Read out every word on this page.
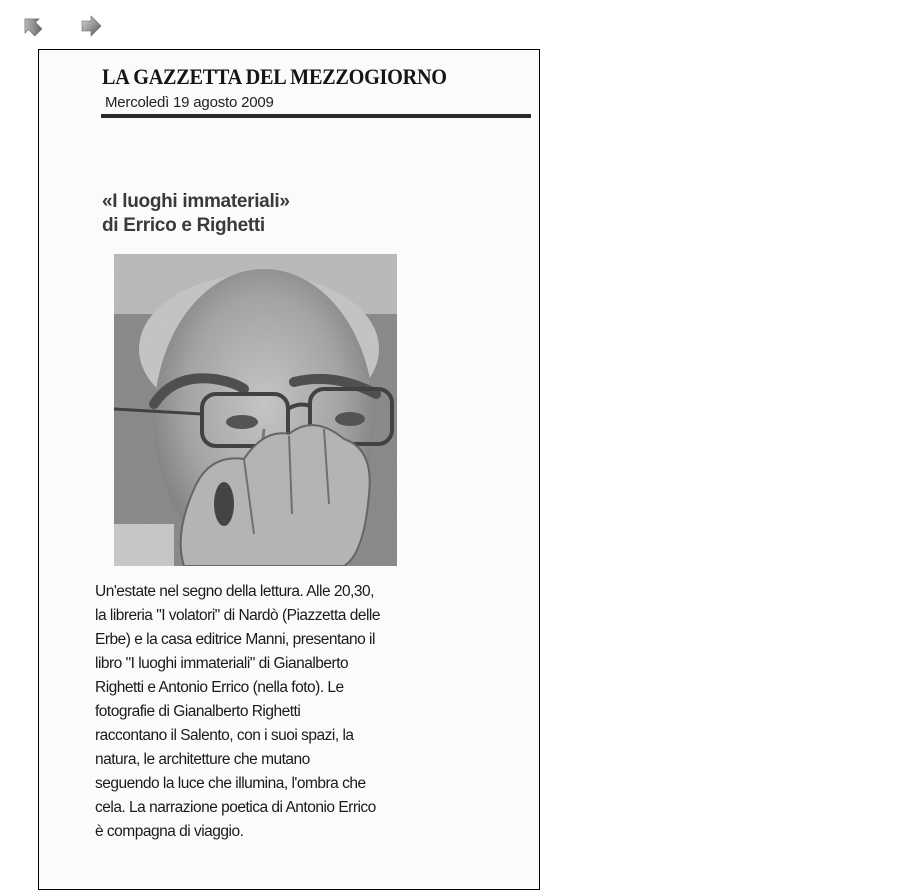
LA GAZZETTA DEL MEZZOGIORNO
Mercoledì 19 agosto 2009
«I luoghi immateriali»
di Errico e Righetti

Un'estate nel segno della lettura. Alle 20,30,

la libreria "I volatori" di Nardò (Piazzetta delle

Erbe) e la casa editrice Manni, presentano il

libro "I luoghi immateriali" di Gianalberto

Righetti e Antonio Errico (nella foto). Le

fotografie di Gianalberto Righetti

raccontano il Salento, con i suoi spazi, la

natura, le architetture che mutano

seguendo la luce che illumina, l'ombra che

cela. La narrazione poetica di Antonio Errico

è compagna di viaggio.
